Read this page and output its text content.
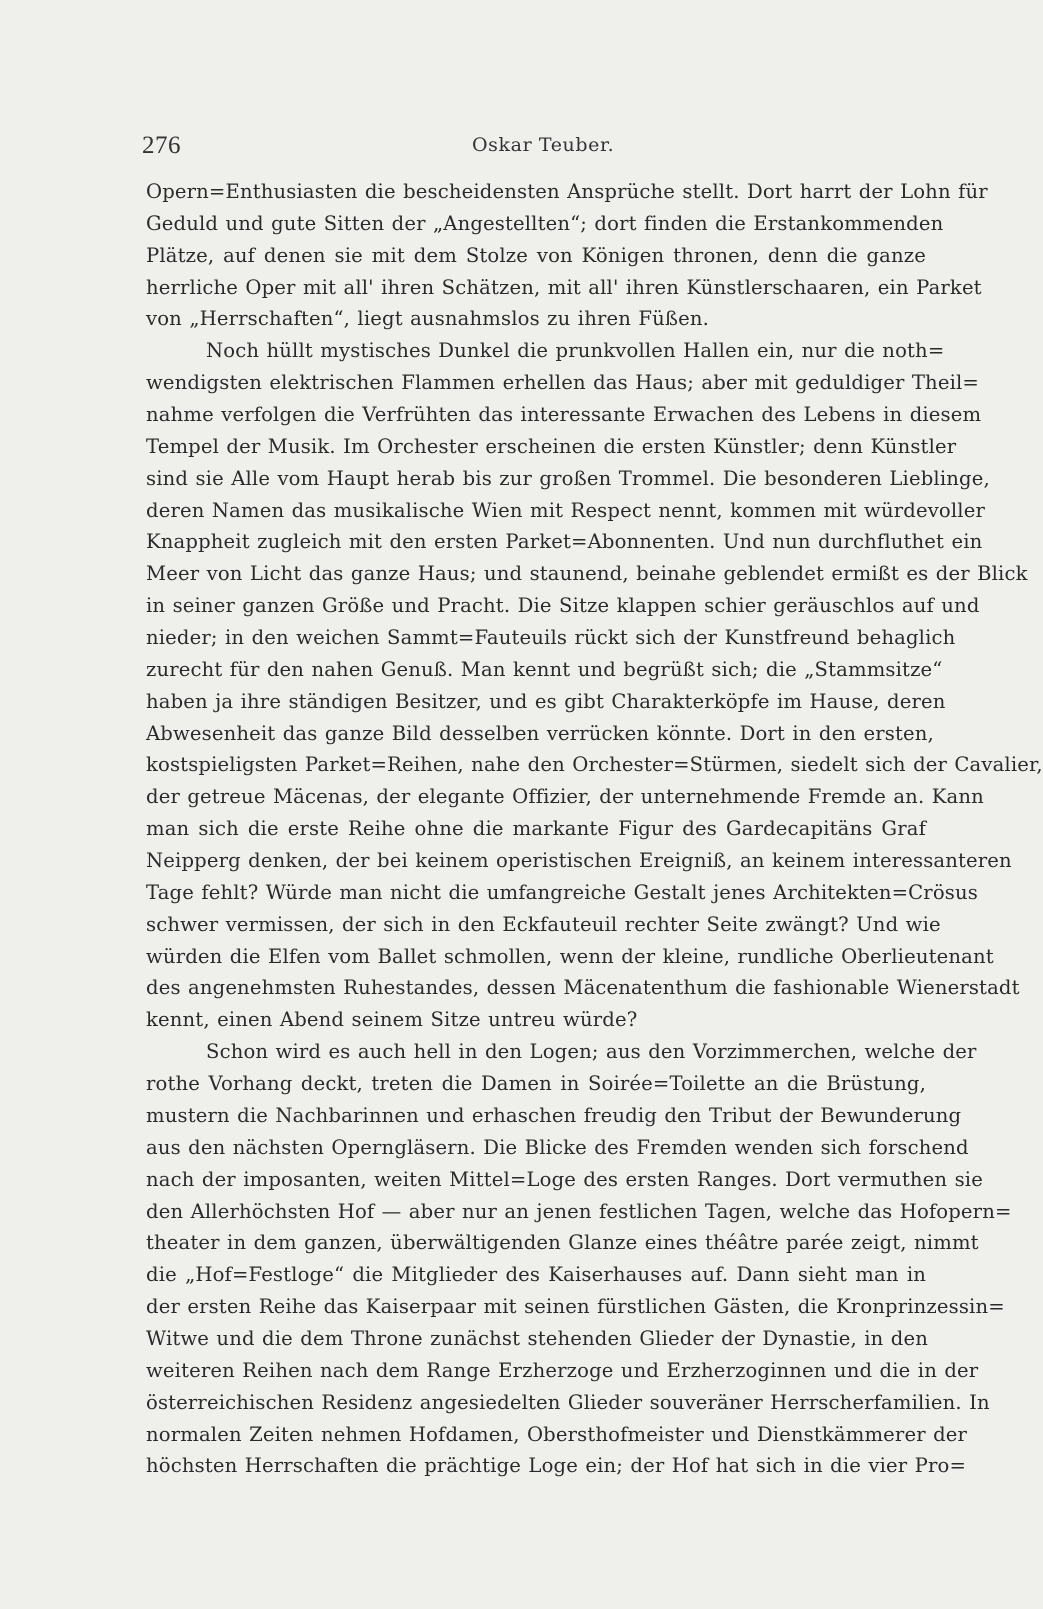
276	Oskar Teuber.
Opern=Enthusiasten die bescheidensten Ansprüche stellt. Dort harrt der Lohn für
Geduld und gute Sitten der „Angestellten“; dort finden die Erstankommenden
Plätze, auf denen sie mit dem Stolze von Königen thronen, denn die ganze
herrliche Oper mit all' ihren Schätzen, mit all' ihren Künstlerschaaren, ein Parket
von „Herrschaften“, liegt ausnahmslos zu ihren Füßen.
Noch hüllt mystisches Dunkel die prunkvollen Hallen ein, nur die noth=
wendigsten elektrischen Flammen erhellen das Haus; aber mit geduldiger Theil=
nahme verfolgen die Verfrühten das interessante Erwachen des Lebens in diesem
Tempel der Musik. Im Orchester erscheinen die ersten Künstler; denn Künstler
sind sie Alle vom Haupt herab bis zur großen Trommel. Die besonderen Lieblinge,
deren Namen das musikalische Wien mit Respect nennt, kommen mit würdevoller
Knappheit zugleich mit den ersten Parket=Abonnenten. Und nun durchfluthet ein
Meer von Licht das ganze Haus; und staunend, beinahe geblendet ermißt es der Blick
in seiner ganzen Größe und Pracht. Die Sitze klappen schier geräuschlos auf und
nieder; in den weichen Sammt=Fauteuils rückt sich der Kunstfreund behaglich
zurecht für den nahen Genuß. Man kennt und begrüßt sich; die „Stammsitze“
haben ja ihre ständigen Besitzer, und es gibt Charakterköpfe im Hause, deren
Abwesenheit das ganze Bild desselben verrücken könnte. Dort in den ersten,
kostspieligsten Parket=Reihen, nahe den Orchester=Stürmen, siedelt sich der Cavalier,
der getreue Mäcenas, der elegante Offizier, der unternehmende Fremde an. Kann
man sich die erste Reihe ohne die markante Figur des Gardecapitäns Graf
Neipperg denken, der bei keinem operistischen Ereigniß, an keinem interessanteren
Tage fehlt? Würde man nicht die umfangreiche Gestalt jenes Architekten=Crösus
schwer vermissen, der sich in den Eckfauteuil rechter Seite zwängt? Und wie
würden die Elfen vom Ballet schmollen, wenn der kleine, rundliche Oberlieutenant
des angenehmsten Ruhestandes, dessen Mäcenatenthum die fashionable Wienerstadt
kennt, einen Abend seinem Sitze untreu würde?
Schon wird es auch hell in den Logen; aus den Vorzimmerchen, welche der
rothe Vorhang deckt, treten die Damen in Soirée=Toilette an die Brüstung,
mustern die Nachbarinnen und erhaschen freudig den Tribut der Bewunderung
aus den nächsten Operngläsern. Die Blicke des Fremden wenden sich forschend
nach der imposanten, weiten Mittel=Loge des ersten Ranges. Dort vermuthen sie
den Allerhöchsten Hof — aber nur an jenen festlichen Tagen, welche das Hofopern=
theater in dem ganzen, überwältigenden Glanze eines théâtre parée zeigt, nimmt
die „Hof=Festloge“ die Mitglieder des Kaiserhauses auf. Dann sieht man in
der ersten Reihe das Kaiserpaar mit seinen fürstlichen Gästen, die Kronprinzessin=
Witwe und die dem Throne zunächst stehenden Glieder der Dynastie, in den
weiteren Reihen nach dem Range Erzherzoge und Erzherzoginnen und die in der
österreichischen Residenz angesiedelten Glieder souveräner Herrscherfamilien. In
normalen Zeiten nehmen Hofdamen, Obersthofmeister und Dienstkämmerer der
höchsten Herrschaften die prächtige Loge ein; der Hof hat sich in die vier Pro=
